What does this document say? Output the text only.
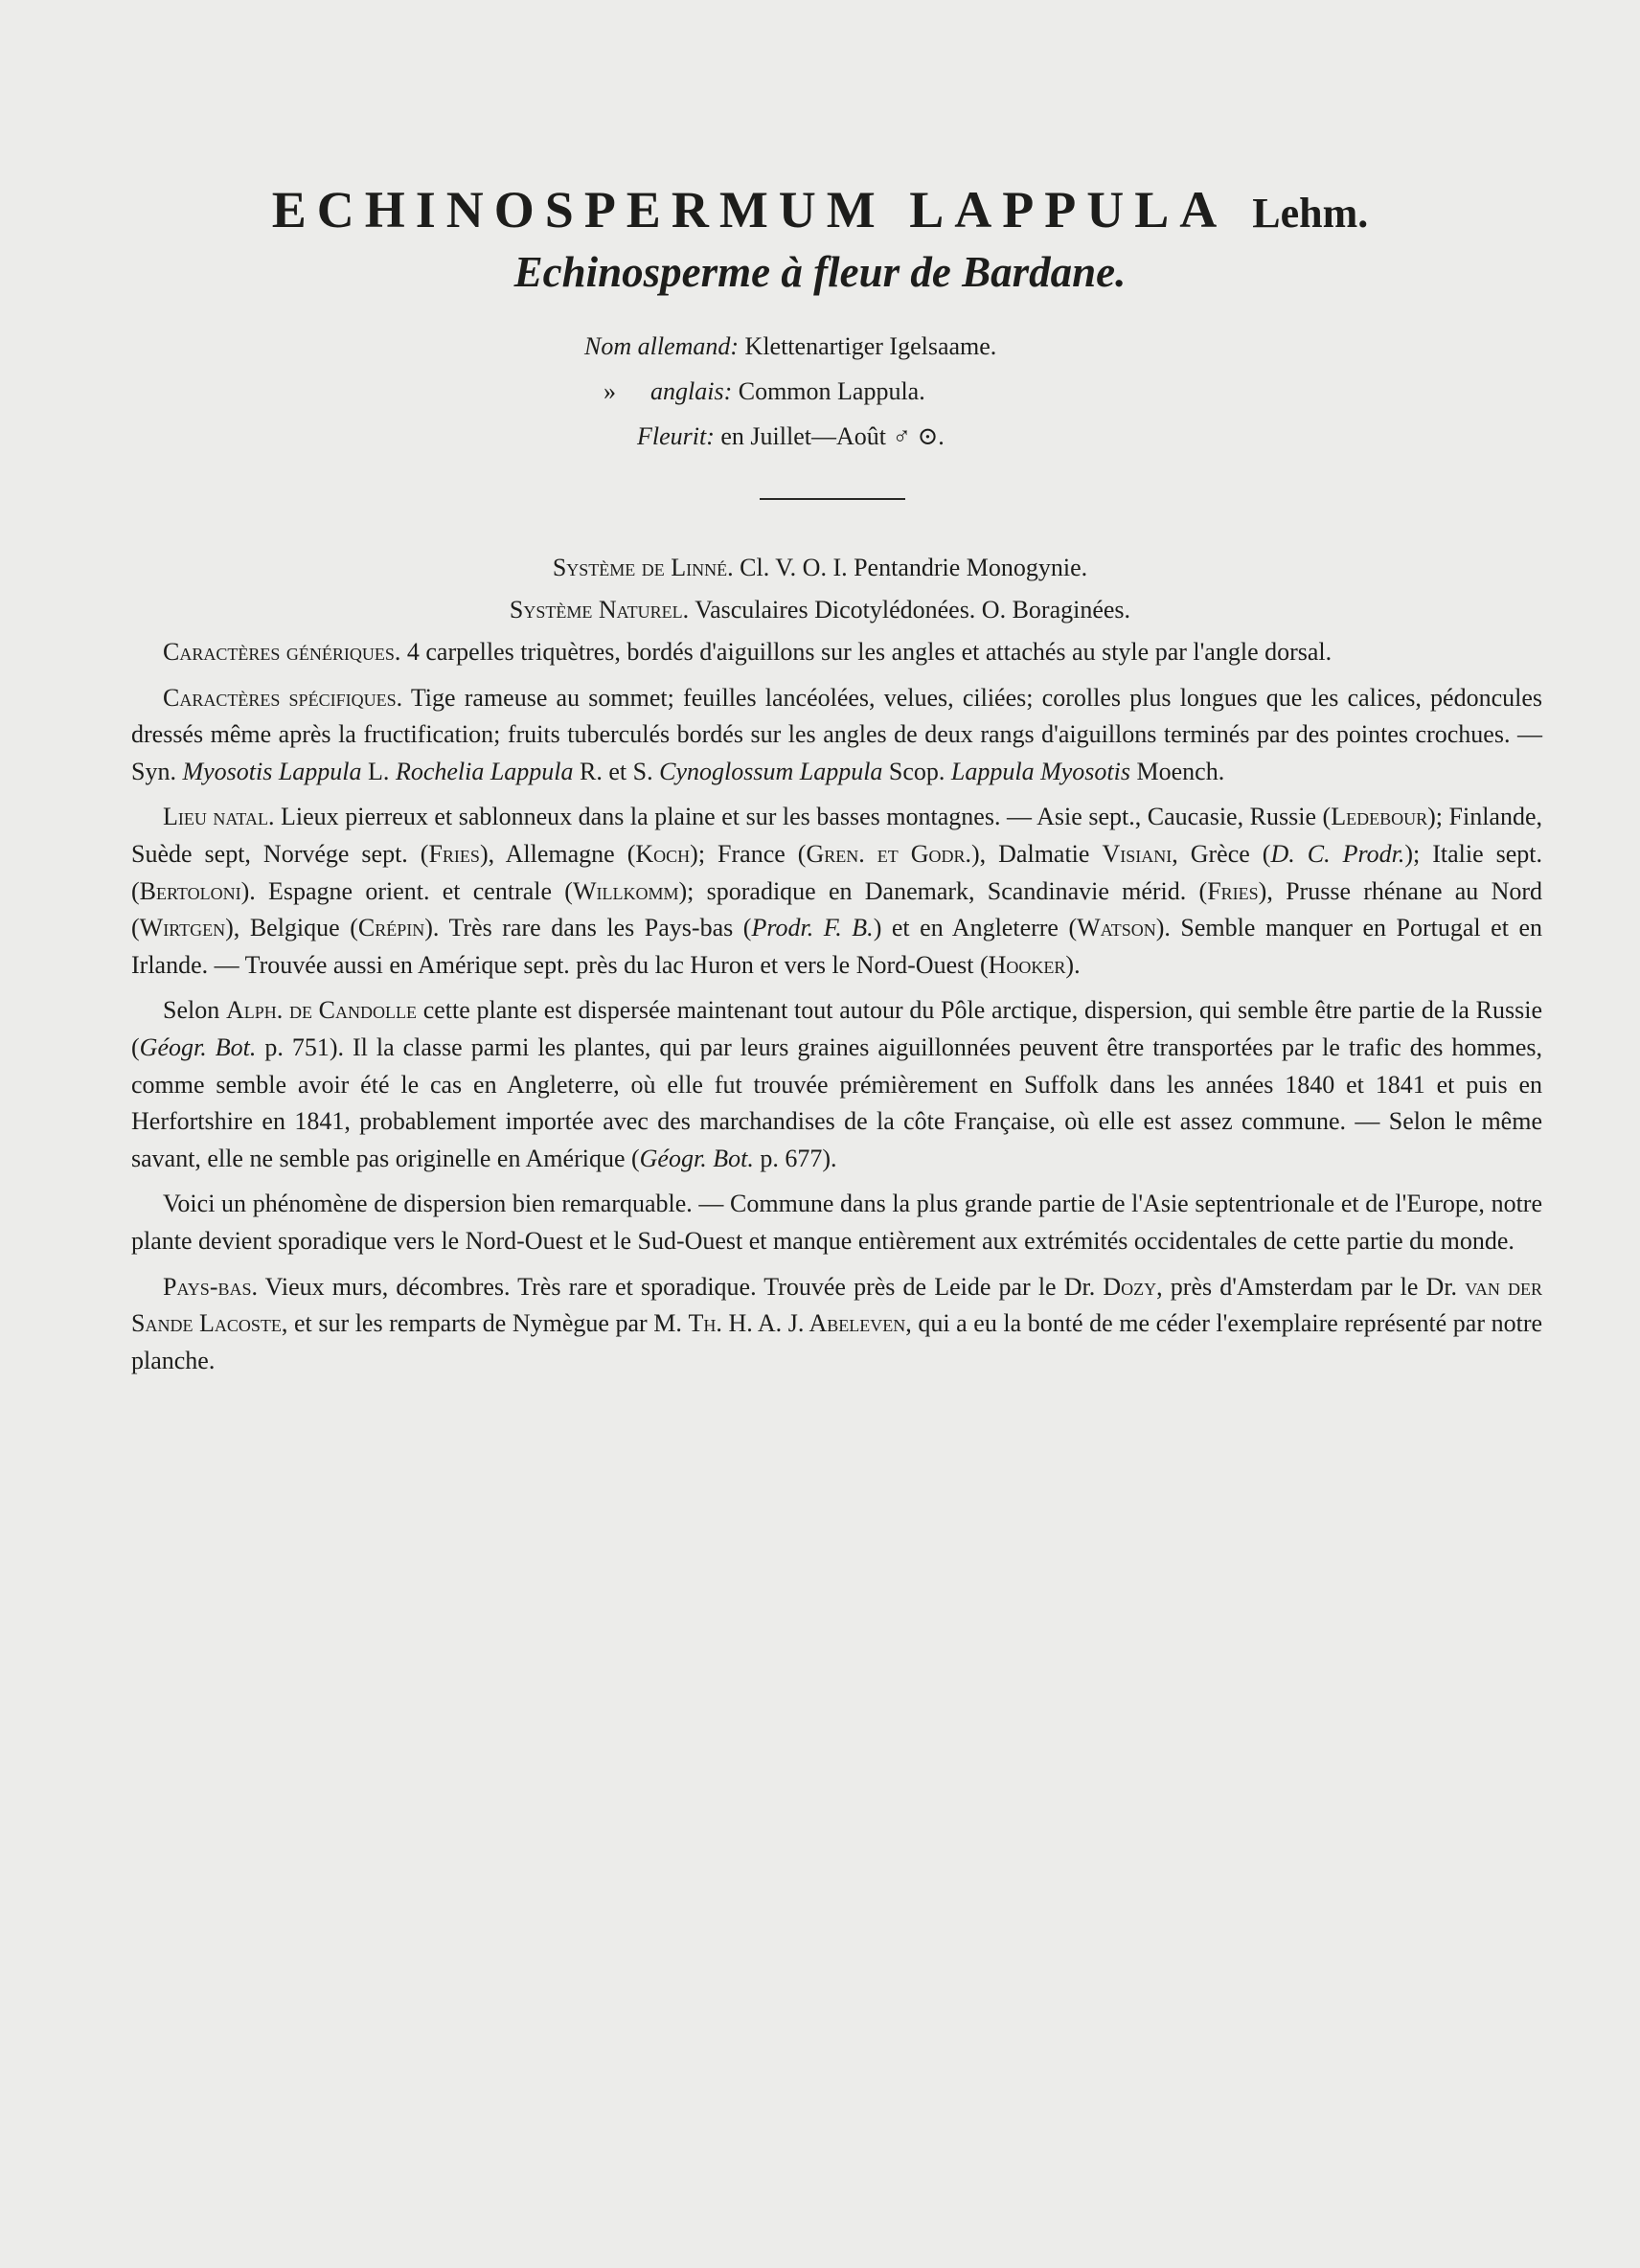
ECHINOSPERMUM LAPPULA Lehm.
Echinosperme à fleur de Bardane.
Nom allemand: Klettenartiger Igelsaame.
» anglais: Common Lappula.
Fleurit: en Juillet—Août ♂ ⊙.
Système de Linné. Cl. V. O. I. Pentandrie Monogynie.
Système Naturel. Vasculaires Dicotylédonées. O. Boraginées.

Caractères génériques. 4 carpelles triquètres, bordés d'aiguillons sur les angles et attachés au style par l'angle dorsal.

Caractères spécifiques. Tige rameuse au sommet; feuilles lancéolées, velues, ciliées; corolles plus longues que les calices, pédoncules dressés même après la fructification; fruits tuberculés bordés sur les angles de deux rangs d'aiguillons terminés par des pointes crochues. — Syn. Myosotis Lappula L. Rochelia Lappula R. et S. Cynoglossum Lappula Scop. Lappula Myosotis Moench.

Lieu natal. Lieux pierreux et sablonneux dans la plaine et sur les basses montagnes. — Asie sept., Caucasie, Russie (Ledebour); Finlande, Suède sept, Norvége sept. (Fries), Allemagne (Koch); France (Gren. et Godr.), Dalmatie Visiani, Grèce (D. C. Prodr.); Italie sept. (Bertoloni). Espagne orient. et centrale (Willkomm); sporadique en Danemark, Scandinavie mérid. (Fries), Prusse rhénane au Nord (Wirtgen), Belgique (Crépin). Très rare dans les Pays-bas (Prodr. F. B.) et en Angleterre (Watson). Semble manquer en Portugal et en Irlande. — Trouvée aussi en Amérique sept. près du lac Huron et vers le Nord-Ouest (Hooker).

Selon Alph. de Candolle cette plante est dispersée maintenant tout autour du Pôle arctique, dispersion, qui semble être partie de la Russie (Géogr. Bot. p. 751). Il la classe parmi les plantes, qui par leurs graines aiguillonnées peuvent être transportées par le trafic des hommes, comme semble avoir été le cas en Angleterre, où elle fut trouvée prémièrement en Suffolk dans les années 1840 et 1841 et puis en Herfortshire en 1841, probablement importée avec des marchandises de la côte Française, où elle est assez commune. — Selon le même savant, elle ne semble pas originelle en Amérique (Géogr. Bot. p. 677).

Voici un phénomène de dispersion bien remarquable. — Commune dans la plus grande partie de l'Asie septentrionale et de l'Europe, notre plante devient sporadique vers le Nord-Ouest et le Sud-Ouest et manque entièrement aux extrémités occidentales de cette partie du monde.

Pays-bas. Vieux murs, décombres. Très rare et sporadique. Trouvée près de Leide par le Dr. Dozy, près d'Amsterdam par le Dr. van der Sande Lacoste, et sur les remparts de Nymègue par M. Th. H. A. J. Abeleven, qui a eu la bonté de me céder l'exemplaire représenté par notre planche.
